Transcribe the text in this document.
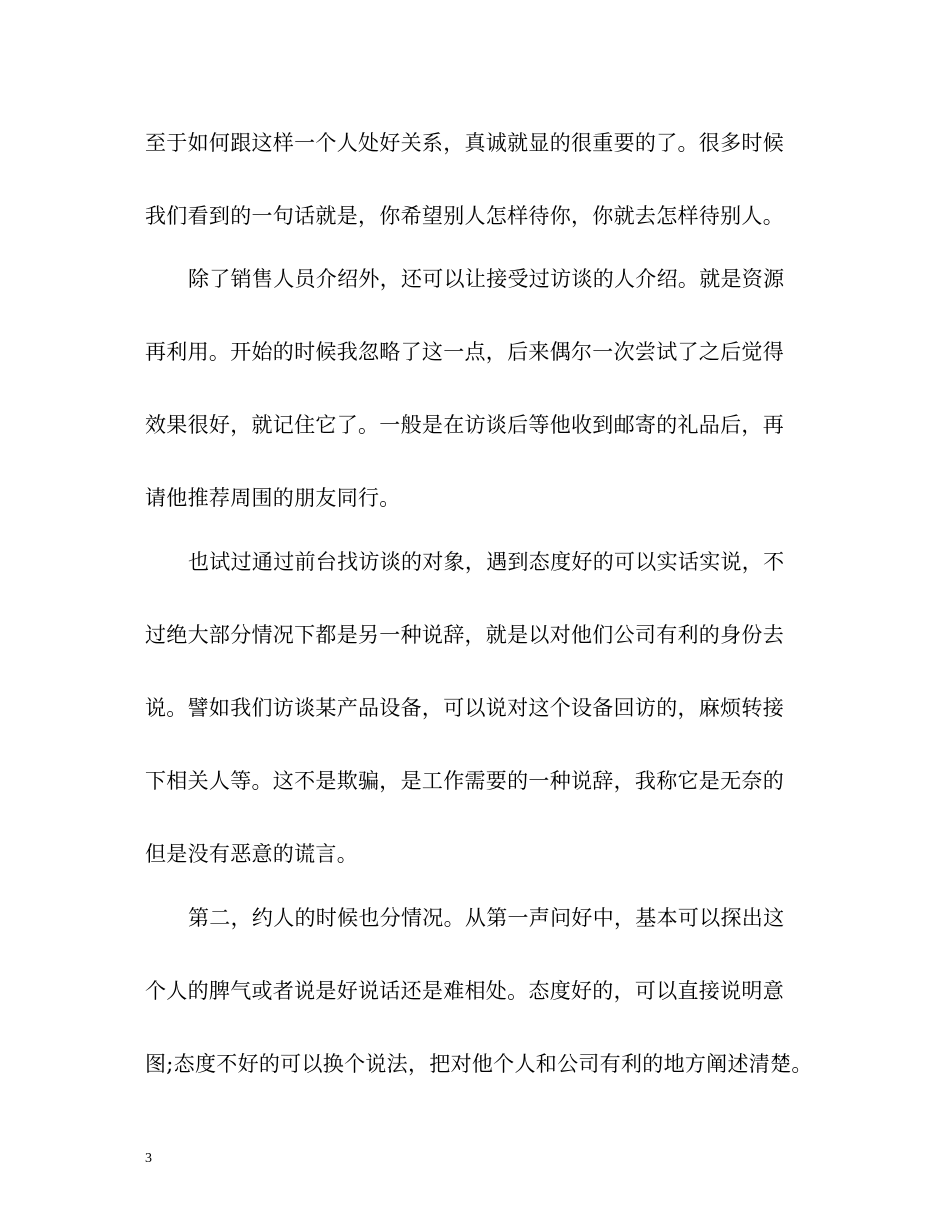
至于如何跟这样一个人处好关系，真诚就显的很重要的了。很多时候
我们看到的一句话就是，你希望别人怎样待你，你就去怎样待别人。
除了销售人员介绍外，还可以让接受过访谈的人介绍。就是资源
再利用。开始的时候我忽略了这一点，后来偶尔一次尝试了之后觉得
效果很好，就记住它了。一般是在访谈后等他收到邮寄的礼品后，再
请他推荐周围的朋友同行。
也试过通过前台找访谈的对象，遇到态度好的可以实话实说，不
过绝大部分情况下都是另一种说辞，就是以对他们公司有利的身份去
说。譬如我们访谈某产品设备，可以说对这个设备回访的，麻烦转接
下相关人等。这不是欺骗，是工作需要的一种说辞，我称它是无奈的
但是没有恶意的谎言。
第二，约人的时候也分情况。从第一声问好中，基本可以探出这
个人的脾气或者说是好说话还是难相处。态度好的，可以直接说明意
图;态度不好的可以换个说法，把对他个人和公司有利的地方阐述清楚。
3
